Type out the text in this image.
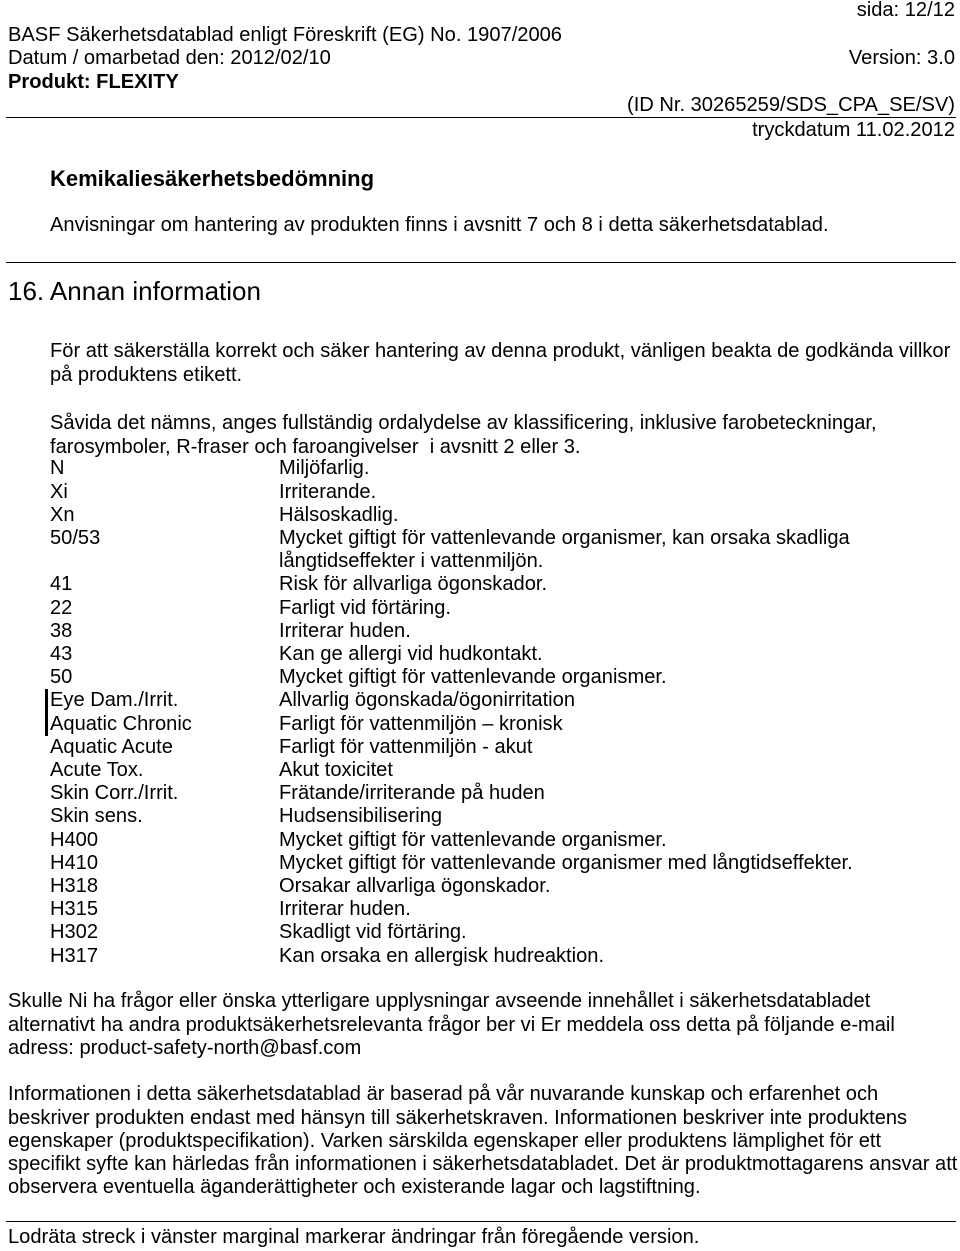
sida: 12/12
BASF Säkerhetsdatablad enligt Föreskrift (EG) No. 1907/2006
Datum / omarbetad den: 2012/02/10	Version: 3.0
Produkt: FLEXITY
(ID Nr. 30265259/SDS_CPA_SE/SV)
tryckdatum 11.02.2012
Kemikaliesäkerhetsbedömning

Anvisningar om hantering av produkten finns i avsnitt 7 och 8 i detta säkerhetsdatablad.

16. Annan information
För att säkerställa korrekt och säker hantering av denna produkt, vänligen beakta de godkända villkor
på produktens etikett.
Såvida det nämns, anges fullständig ordalydelse av klassificering, inklusive farobeteckningar,
farosymboler, R-fraser och faroangivelser  i avsnitt 2 eller 3.
N	Miljöfarlig.
Xi	Irriterande.
Xn	Hälsoskadlig.
50/53	Mycket giftigt för vattenlevande organismer, kan orsaka skadliga långtidseffekter i vattenmiljön.
41	Risk för allvarliga ögonskador.
22	Farligt vid förtäring.
38	Irriterar huden.
43	Kan ge allergi vid hudkontakt.
50	Mycket giftigt för vattenlevande organismer.
Eye Dam./Irrit.	Allvarlig ögonskada/ögonirritation
Aquatic Chronic	Farligt för vattenmiljön – kronisk
Aquatic Acute	Farligt för vattenmiljön - akut
Acute Tox.	Akut toxicitet
Skin Corr./Irrit.	Frätande/irriterande på huden
Skin sens.	Hudsensibilisering
H400	Mycket giftigt för vattenlevande organismer.
H410	Mycket giftigt för vattenlevande organismer med långtidseffekter.
H318	Orsakar allvarliga ögonskador.
H315	Irriterar huden.
H302	Skadligt vid förtäring.
H317	Kan orsaka en allergisk hudreaktion.
Skulle Ni ha frågor eller önska ytterligare upplysningar avseende innehållet i säkerhetsdatabladet
alternativt ha andra produktsäkerhetsrelevanta frågor ber vi Er meddela oss detta på följande e-mail
adress: product-safety-north@basf.com
Informationen i detta säkerhetsdatablad är baserad på vår nuvarande kunskap och erfarenhet och
beskriver produkten endast med hänsyn till säkerhetskraven. Informationen beskriver inte produktens
egenskaper (produktspecifikation). Varken särskilda egenskaper eller produktens lämplighet för ett
specifikt syfte kan härledas från informationen i säkerhetsdatabladet. Det är produktmottagarens ansvar att
observera eventuella äganderättigheter och existerande lagar och lagstiftning.
Lodräta streck i vänster marginal markerar ändringar från föregående version.
